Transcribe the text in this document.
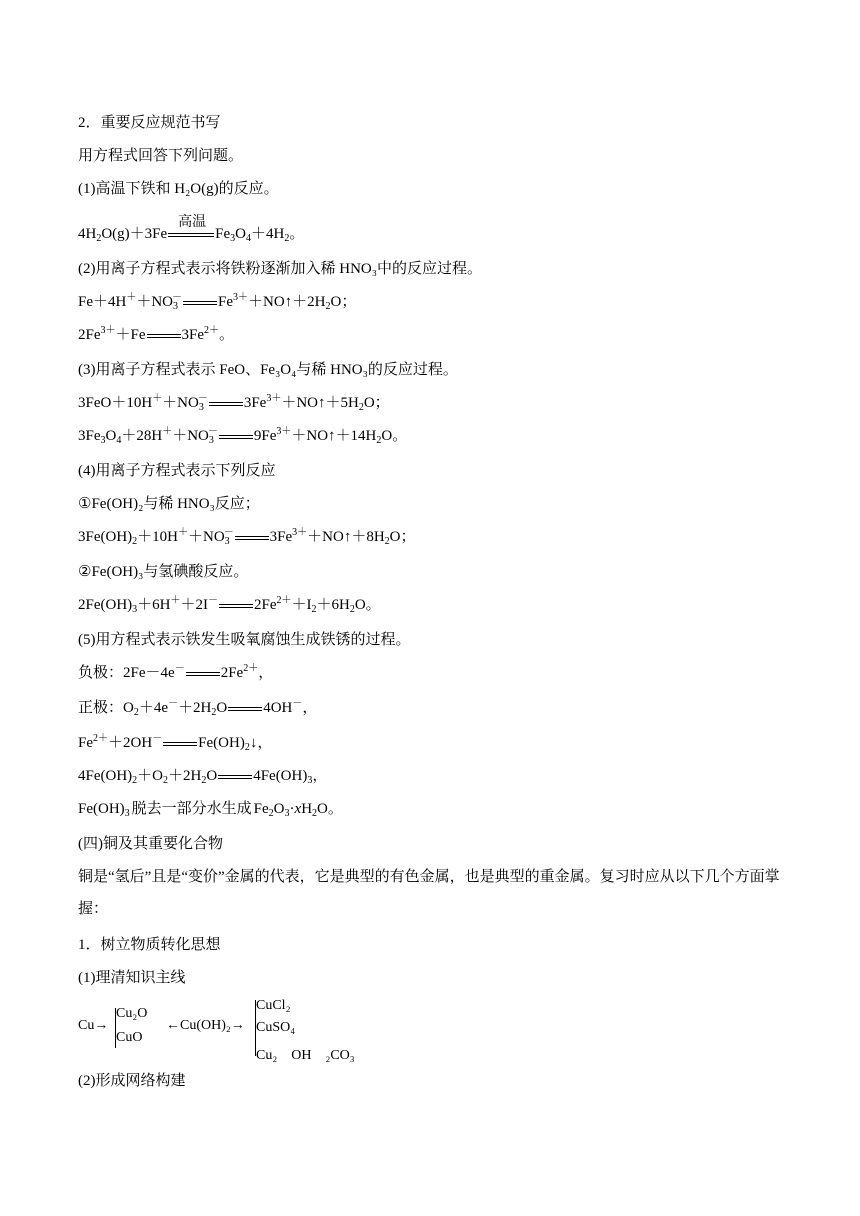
2．重要反应规范书写
用方程式回答下列问题。
(1)高温下铁和 H₂O(g)的反应。
$4H_2O(g)+3Fe$
高温
$Fe_3O_4+4H_2$。
(2)用离子方程式表示将铁粉逐渐加入稀 HNO₃中的反应过程。
$Fe+4H^++NO_3^-$ $Fe^{3+}+NO↑+2H_2O$；
$2Fe^{3+}+Fe$ $3Fe^{2+}$。
(3)用离子方程式表示 FeO、Fe₃O₄与稀 HNO₃的反应过程。
$3FeO+10H^++NO_3^-$ $3Fe^{3+}+NO↑+5H_2O$；
$3Fe_3O_4+28H^++NO_3^-$ $9Fe^{3+}+NO↑+14H_2O$。
(4)用离子方程式表示下列反应
①Fe(OH)₂与稀 HNO₃反应；
$3Fe(OH)_2+10H^++NO_3^-$ $3Fe^{3+}+NO↑+8H_2O$；
②Fe(OH)₃与氢碘酸反应。
$2Fe(OH)_3+6H^++2I^-$ $2Fe^{2+}+I_2+6H_2O$。
(5)用方程式表示铁发生吸氧腐蚀生成铁锈的过程。
负极：2Fe－4e－ $2Fe^{2+}$，
正极：$O_2+4e^-+2H_2O$ 4OH－，
$Fe^{2+}+2OH^-$ $Fe(OH)_2↓$，
$4Fe(OH)_2+O_2+2H_2O$ $4Fe(OH)_3$，
$Fe(OH)_3$ 脱去一部分水生成 $Fe_2O_3\cdot xH_2O$。
(四)铜及其重要化合物
铜是“氢后”且是“变价”金属的代表，它是典型的有色金属，也是典型的重金属。复习时应从以下几个方面掌握：
1．树立物质转化思想
(1)理清知识主线
Cu→
Cu₂O
CuO
←Cu(OH)₂→
CuCl₂
CuSO₄
Cu₂　OH　₂CO₃
(2)形成网络构建
